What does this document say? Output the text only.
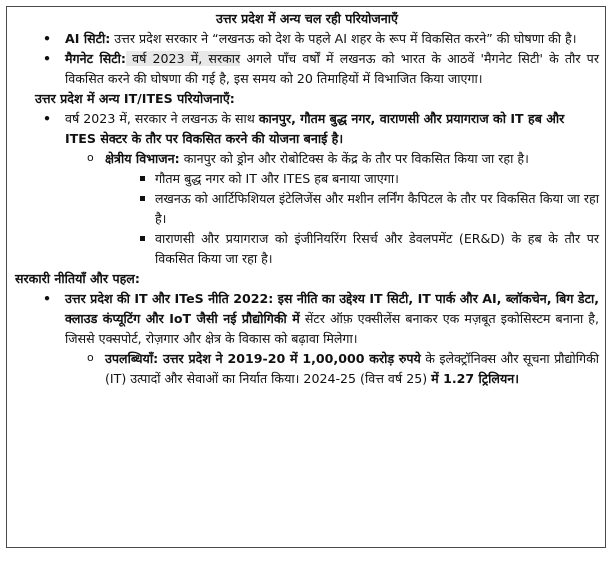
उत्तर प्रदेश में अन्य चल रही परियोजनाएँ

• AI सिटी: उत्तर प्रदेश सरकार ने “लखनऊ को देश के पहले AI शहर के रूप में विकसित करने” की घोषणा की है।
• मैगनेट सिटी: वर्ष 2023 में, सरकार अगले पाँच वर्षों में लखनऊ को भारत के आठवें 'मैगनेट सिटी' के तौर पर विकसित करने की घोषणा की गई है, इस समय को 20 तिमाहियों में विभाजित किया जाएगा।

उत्तर प्रदेश में अन्य IT/ITES परियोजनाएँ:

• वर्ष 2023 में, सरकार ने लखनऊ के साथ कानपुर, गौतम बुद्ध नगर, वाराणसी और प्रयागराज को IT हब और ITES सेक्टर के तौर पर विकसित करने की योजना बनाई है।
o क्षेत्रीय विभाजन: कानपुर को ड्रोन और रोबोटिक्स के केंद्र के तौर पर विकसित किया जा रहा है।
गौतम बुद्ध नगर को IT और ITES हब बनाया जाएगा।
लखनऊ को आर्टिफिशियल इंटेलिजेंस और मशीन लर्निंग कैपिटल के तौर पर विकसित किया जा रहा है।
वाराणसी और प्रयागराज को इंजीनियरिंग रिसर्च और डेवलपमेंट (ER&D) के हब के तौर पर विकसित किया जा रहा है।

सरकारी नीतियाँ और पहल:

• उत्तर प्रदेश की IT और ITeS नीति 2022: इस नीति का उद्देश्य IT सिटी, IT पार्क और AI, ब्लॉकचेन, बिग डेटा, क्लाउड कंप्यूटिंग और IoT जैसी नई प्रौद्योगिकी में सेंटर ऑफ़ एक्सीलेंस बनाकर एक मज़बूत इकोसिस्टम बनाना है, जिससे एक्सपोर्ट, रोज़गार और क्षेत्र के विकास को बढ़ावा मिलेगा।
o उपलब्धियाँ: उत्तर प्रदेश ने 2019-20 में 1,00,000 करोड़ रुपये के इलेक्ट्रॉनिक्स और सूचना प्रौद्योगिकी (IT) उत्पादों और सेवाओं का निर्यात किया। 2024-25 (वित्त वर्ष 25) में 1.27 ट्रिलियन।
